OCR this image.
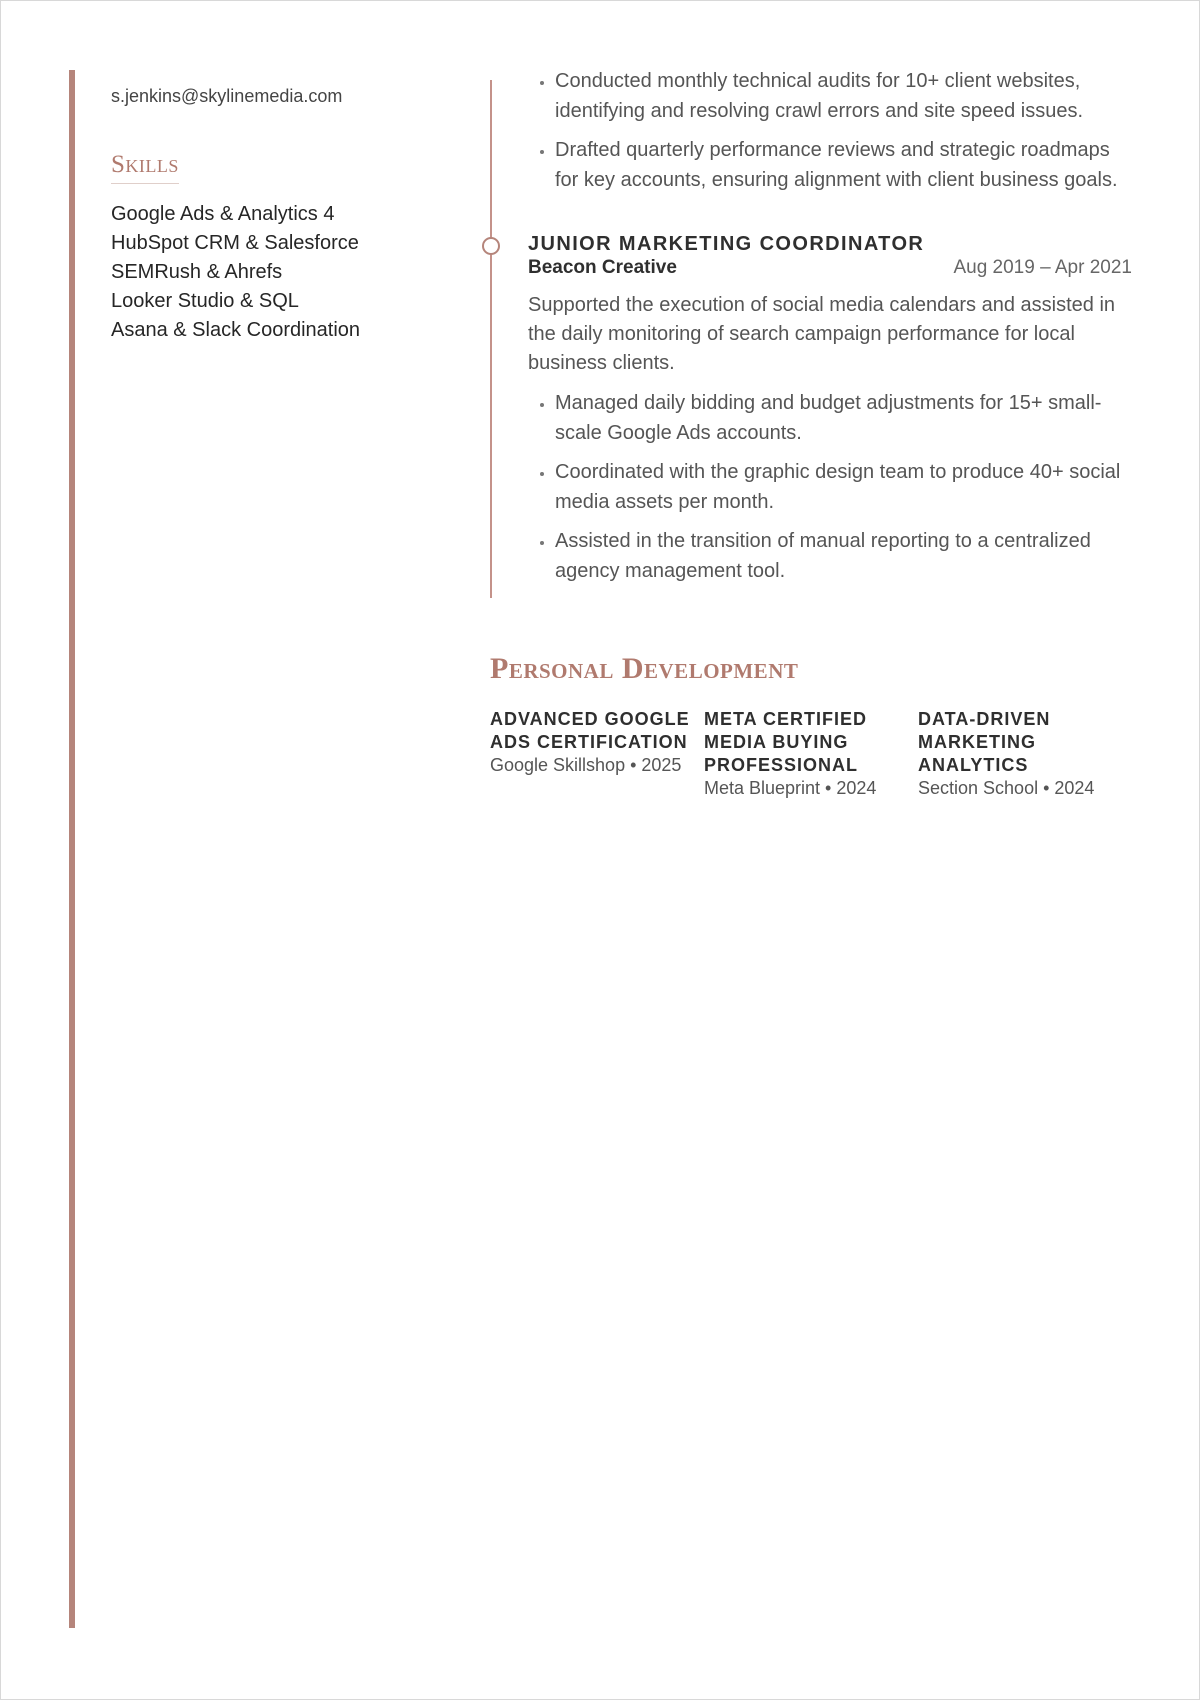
s.jenkins@skylinemedia.com
Skills
Google Ads & Analytics 4
HubSpot CRM & Salesforce
SEMRush & Ahrefs
Looker Studio & SQL
Asana & Slack Coordination
• Conducted monthly technical audits for 10+ client websites, identifying and resolving crawl errors and site speed issues.
• Drafted quarterly performance reviews and strategic roadmaps for key accounts, ensuring alignment with client business goals.
JUNIOR MARKETING COORDINATOR
Beacon Creative	Aug 2019 – Apr 2021

Supported the execution of social media calendars and assisted in the daily monitoring of search campaign performance for local business clients.

• Managed daily bidding and budget adjustments for 15+ small-scale Google Ads accounts.
• Coordinated with the graphic design team to produce 40+ social media assets per month.
• Assisted in the transition of manual reporting to a centralized agency management tool.
Personal Development
ADVANCED GOOGLE ADS CERTIFICATION
Google Skillshop • 2025
META CERTIFIED MEDIA BUYING PROFESSIONAL
Meta Blueprint • 2024
DATA-DRIVEN MARKETING ANALYTICS
Section School • 2024
